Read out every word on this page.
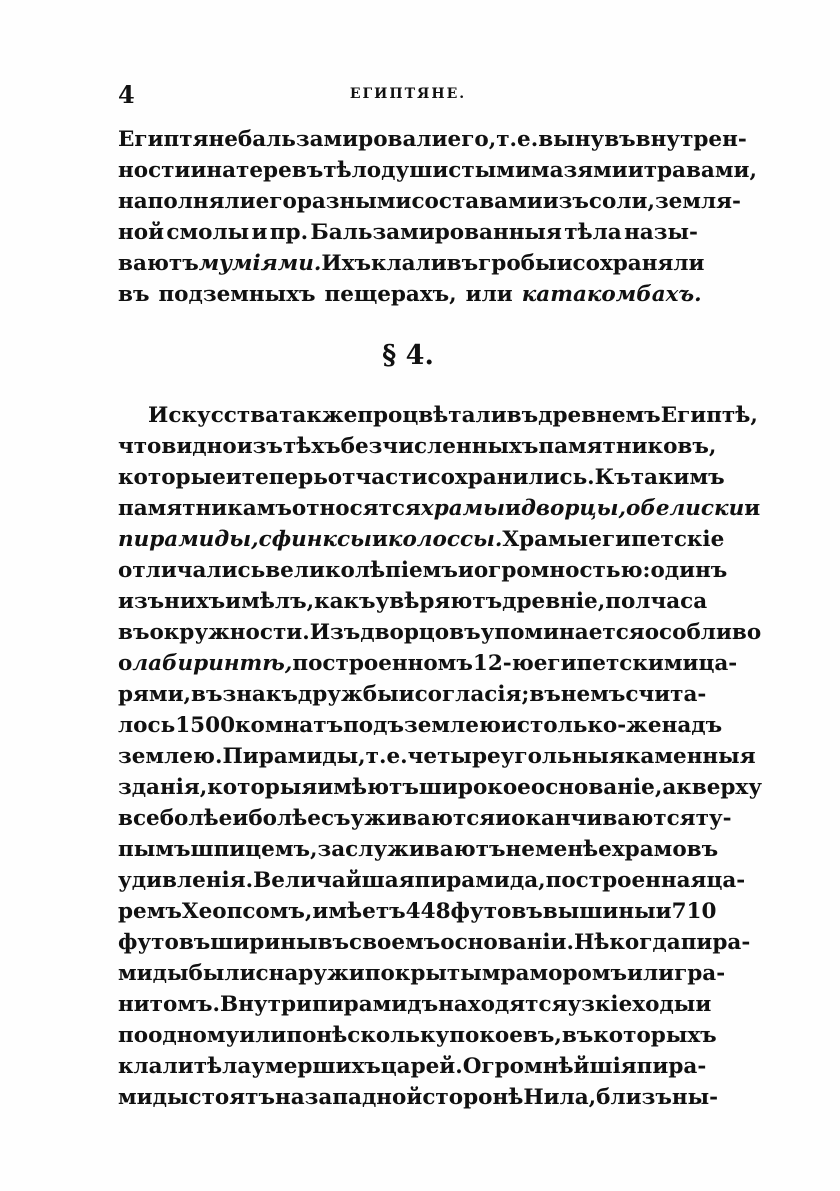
4	ЕГИПТЯНЕ.
Египтяне бальзамировали его, т. е. вынувъ внутрен-
ности и натеревъ тѣло душистыми мазями и травами,
наполняли его разными составами изъ соли, земля-
ной смолы и пр. Бальзамированныя тѣла назы-
ваютъ муміями. Ихъ клали въ гробы и сохраняли
въ подземныхъ пещерахъ, или катакомбахъ.
§ 4.
Искусства также процвѣтали въ древнемъ Египтѣ,
что видно изъ тѣхъ безчисленныхъ памятниковъ,
которые и теперь отчасти сохранились. Къ такимъ
памятникамъ относятся храмы и дворцы, обелиски и
пирамиды, сфинксы и колоссы. Храмы египетскіе
отличались великолѣпіемъ и огромностью: одинъ
изъ нихъ имѣлъ, какъ увѣряютъ древніе, полчаса
въ окружности. Изъ дворцовъ упоминается особливо
о лабиринтѣ, построенномъ 12-ю египетскими ца-
рями, въ знакъ дружбы и согласія; въ немъ счита-
лось 1500 комнатъ подъ землею и столько-же надъ
землею. Пирамиды, т. е. четыреугольныя каменныя
зданія, которыя имѣютъ широкое основаніе, а кверху
все болѣе и болѣе съуживаются и оканчиваются ту-
пымъ шпицемъ, заслуживаютъ не менѣе храмовъ
удивленія. Величайшая пирамида, построенная ца-
ремъ Хеопсомъ, имѣетъ 448 футовъ вышины и 710
футовъ ширины въ своемъ основаніи. Нѣкогда пира-
миды были снаружи покрыты мраморомъ или гра-
нитомъ. Внутри пирамидъ находятся узкіе ходы и
по одному или по нѣскольку покоевъ, въ которыхъ
клали тѣла умершихъ царей. Огромнѣйшія пира-
миды стоятъ на западной сторонѣ Нила, близъ ны-
